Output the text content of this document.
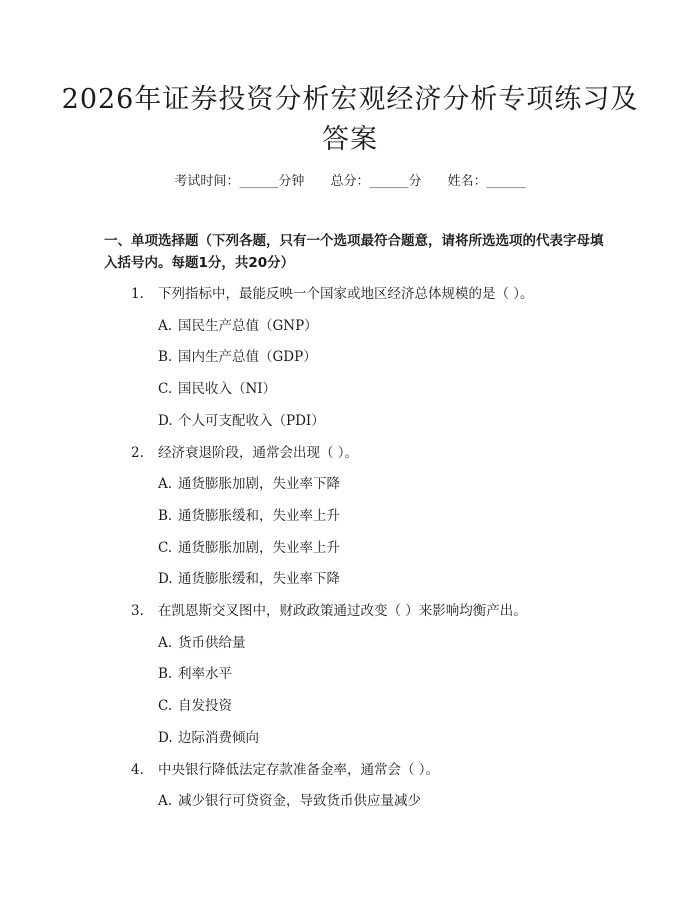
2026年证券投资分析宏观经济分析专项练习及答案
考试时间：______分钟 总分：______分 姓名：______
一、单项选择题（下列各题，只有一个选项最符合题意，请将所选选项的代表字母填入括号内。每题1分，共20分）
1. 下列指标中，最能反映一个国家或地区经济总体规模的是（ ）。
A. 国民生产总值（GNP）
B. 国内生产总值（GDP）
C. 国民收入（NI）
D. 个人可支配收入（PDI）
2. 经济衰退阶段，通常会出现（ ）。
A. 通货膨胀加剧，失业率下降
B. 通货膨胀缓和，失业率上升
C. 通货膨胀加剧，失业率上升
D. 通货膨胀缓和，失业率下降
3. 在凯恩斯交叉图中，财政政策通过改变（ ）来影响均衡产出。
A. 货币供给量
B. 利率水平
C. 自发投资
D. 边际消费倾向
4. 中央银行降低法定存款准备金率，通常会（ ）。
A. 减少银行可贷资金，导致货币供应量减少
